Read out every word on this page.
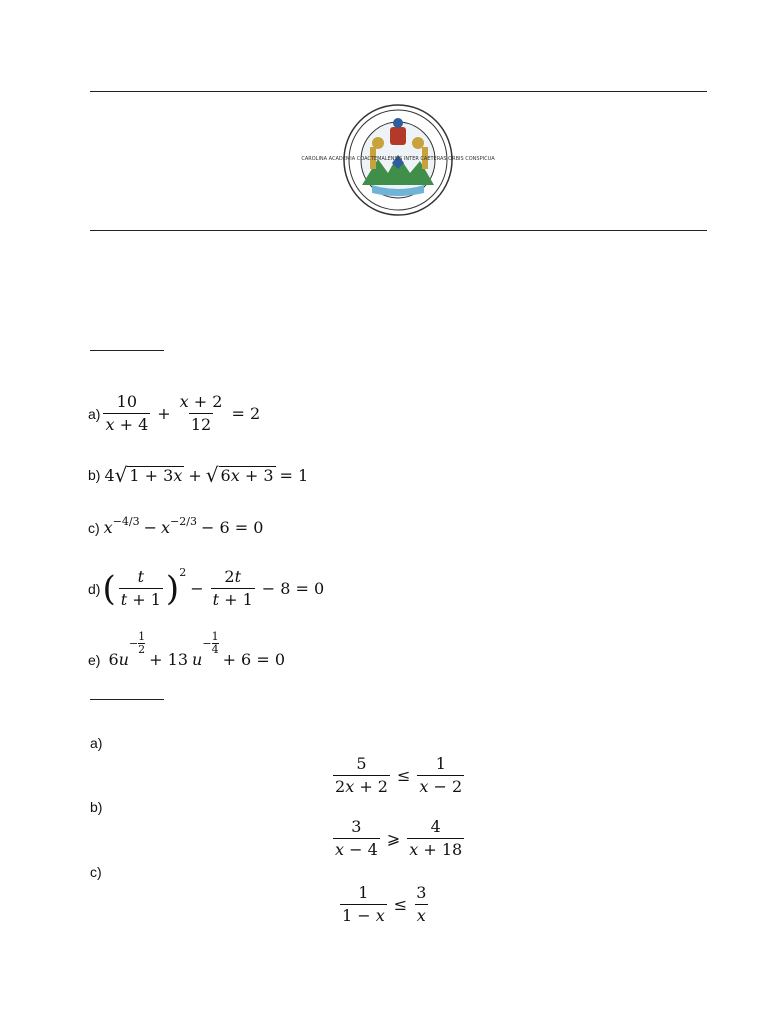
CAROLINA ACADEMIA COACTEMALENSIS INTER CAETERAS ORBIS CONSPICUA
$a) \frac{10}{x + 4} + \frac{x + 2}{12} = 2$
b) 4 √ 1 + 3x + √ 6x + 3 = 1
c) $x^{-4/3} - x^{-2/3} - 6 = 0$
d) ( $\frac{t}{t + 1} )^2$
− $\frac{2t}{t + 1} - 8 = 0$
e) 6 u
− $\frac{1}{2}$
+ 13 u
− $\frac{1}{4}$
+ 6 = 0
a)
$\frac{5}{2x + 2} \le \frac{1}{x - 2}$
b)
$\frac{3}{x - 4}$ ⩾ $\frac{4}{x + 18}$
c)
$\frac{1}{1 - x} \le \frac{3}{x}$
